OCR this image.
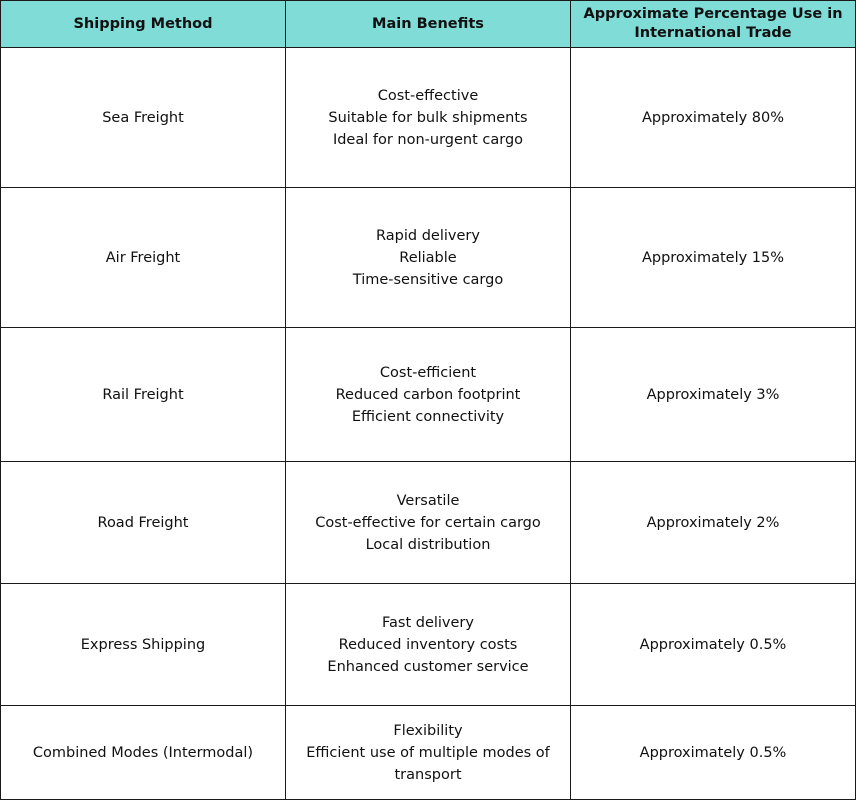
Shipping Method	Main Benefits	Approximate Percentage Use in International Trade
Sea Freight	Cost-effective
Suitable for bulk shipments
Ideal for non-urgent cargo	Approximately 80%
Air Freight	Rapid delivery
Reliable
Time-sensitive cargo	Approximately 15%
Rail Freight	Cost-efficient
Reduced carbon footprint
Efficient connectivity	Approximately 3%
Road Freight	Versatile
Cost-effective for certain cargo
Local distribution	Approximately 2%
Express Shipping	Fast delivery
Reduced inventory costs
Enhanced customer service	Approximately 0.5%
Combined Modes (Intermodal)	Flexibility
Efficient use of multiple modes of transport	Approximately 0.5%
